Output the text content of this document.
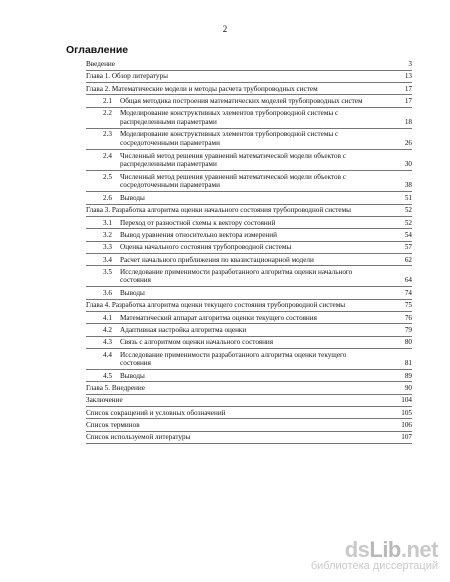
2
Оглавление
Введение	3
Глава 1. Обзор литературы	13
Глава 2. Математические модели и методы расчета трубопроводных систем	17
2.1 Общая методика построения математических моделей трубопроводных систем	17
2.2 Моделирование конструктивных элементов трубопроводной системы с
распределенными параметрами	18
2.3 Моделирование конструктивных элементов трубопроводной системы с
сосредоточенными параметрами	26
2.4 Численный метод решения уравнений математической модели объектов с
распределенными параметрами	30
2.5 Численный метод решения уравнений математической модели объектов с
сосредоточенными параметрами	38
2.6 Выводы	51
Глава 3. Разработка алгоритма оценки начального состояния трубопроводной системы	52
3.1 Переход от разностной схемы к вектору состояний	52
3.2 Вывод уравнения относительно вектора измерений	54
3.3 Оценка начального состояния трубопроводной системы	57
3.4 Расчет начального приближения по квазистационарной модели	62
3.5 Исследование применимости разработанного алгоритма оценки начального
состояния	64
3.6 Выводы	74
Глава 4. Разработка алгоритма оценки текущего состояния трубопроводной системы	75
4.1 Математический аппарат алгоритма оценки текущего состояния	76
4.2 Адаптивная настройка алгоритма оценки	79
4.3 Связь с алгоритмом оценки начального состояния	80
4.4 Исследование применимости разработанного алгоритма оценки текущего
состояния	81
4.5 Выводы	89
Глава 5. Внедрение	90
Заключение	104
Список сокращений и условных обозначений	105
Список терминов	106
Список используемой литературы	107
dsLib.net
библиотека диссертаций
